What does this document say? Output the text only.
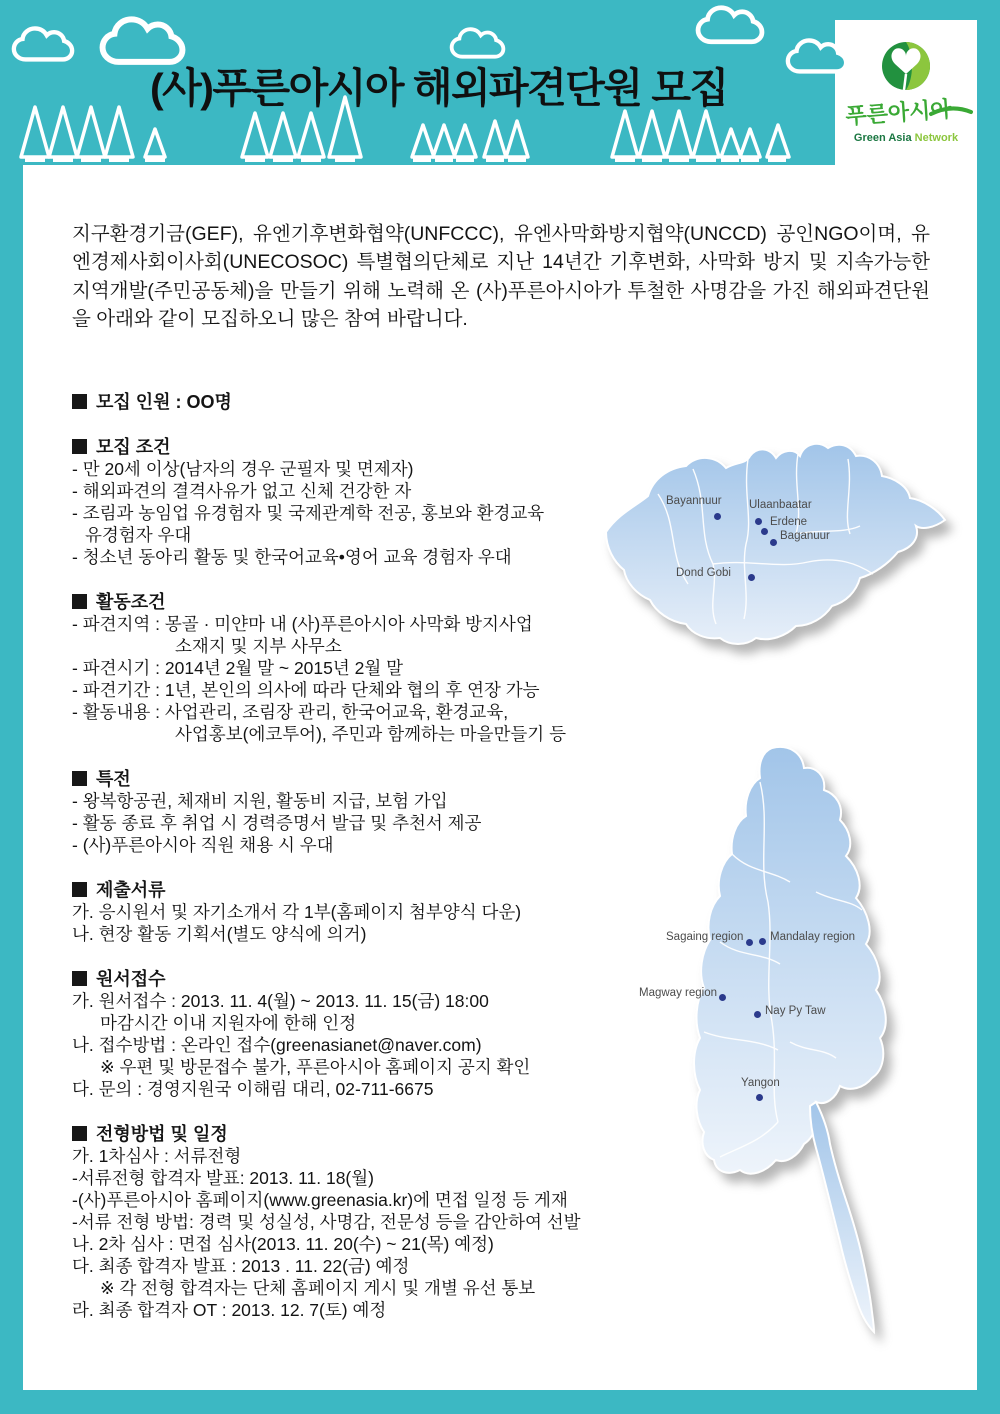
(사)푸른아시아 해외파견단원 모집
푸른아시아
Green Asia Network
Bayannuur Ulaanbaatar
Erdene
Baganuur
Dond Gobi
Sagaing region Mandalay region
Magway region
Nay Py Taw
Yangon

지구환경기금(GEF), 유엔기후변화협약(UNFCCC), 유엔사막화방지협약(UNCCD) 공인NGO이며, 유엔경제사회이사회(UNECOSOC) 특별협의단체로 지난 14년간 기후변화, 사막화 방지 및 지속가능한 지역개발(주민공동체)을 만들기 위해 노력해 온 (사)푸른아시아가 투철한 사명감을 가진 해외파견단원을 아래와 같이 모집하오니 많은 참여 바랍니다.

모집 인원 : OO명
모집 조건
- 만 20세 이상(남자의 경우 군필자 및 면제자)
- 해외파견의 결격사유가 없고 신체 건강한 자
- 조림과 농임업 유경험자 및 국제관계학 전공, 홍보와 환경교육
유경험자 우대
- 청소년 동아리 활동 및 한국어교육•영어 교육 경험자 우대
활동조건
- 파견지역 : 몽골 · 미얀마 내 (사)푸른아시아 사막화 방지사업
소재지 및 지부 사무소
- 파견시기 : 2014년 2월 말 ~ 2015년 2월 말
- 파견기간 : 1년, 본인의 의사에 따라 단체와 협의 후 연장 가능
- 활동내용 : 사업관리, 조림장 관리, 한국어교육, 환경교육,
사업홍보(에코투어), 주민과 함께하는 마을만들기 등
특전
- 왕복항공권, 체재비 지원, 활동비 지급, 보험 가입
- 활동 종료 후 취업 시 경력증명서 발급 및 추천서 제공
- (사)푸른아시아 직원 채용 시 우대
제출서류
가. 응시원서 및 자기소개서 각 1부(홈페이지 첨부양식 다운)
나. 현장 활동 기획서(별도 양식에 의거)
원서접수
가. 원서접수 : 2013. 11. 4(월) ~ 2013. 11. 15(금) 18:00
마감시간 이내 지원자에 한해 인정
나. 접수방법 : 온라인 접수(greenasianet@naver.com)
※ 우편 및 방문접수 불가, 푸른아시아 홈페이지 공지 확인
다. 문의 : 경영지원국 이해림 대리, 02-711-6675
전형방법 및 일정
가. 1차심사 : 서류전형
-서류전형 합격자 발표: 2013. 11. 18(월)
-(사)푸른아시아 홈페이지(www.greenasia.kr)에 면접 일정 등 게재
-서류 전형 방법: 경력 및 성실성, 사명감, 전문성 등을 감안하여 선발
나. 2차 심사 : 면접 심사(2013. 11. 20(수) ~ 21(목) 예정)
다. 최종 합격자 발표 : 2013 . 11. 22(금) 예정
※ 각 전형 합격자는 단체 홈페이지 게시 및 개별 유선 통보
라. 최종 합격자 OT : 2013. 12. 7(토) 예정
